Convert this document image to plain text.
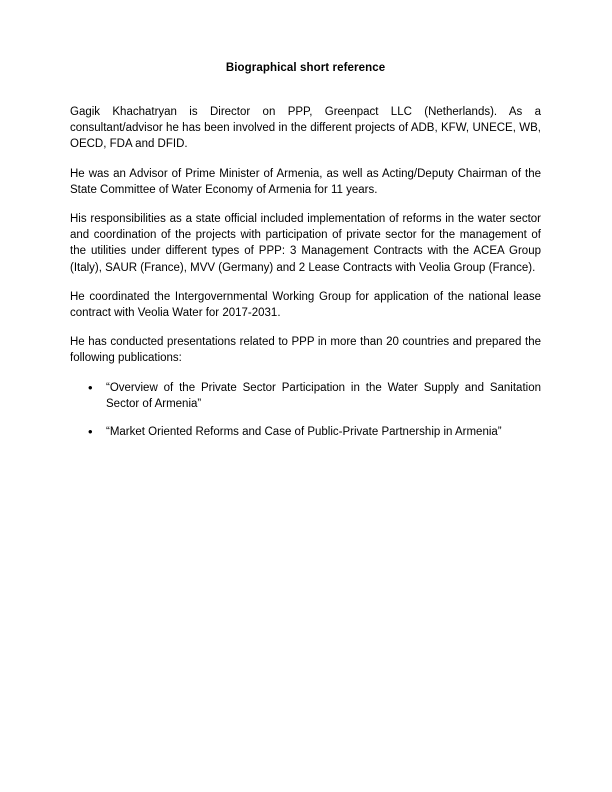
Biographical short reference

Gagik Khachatryan is Director on PPP, Greenpact LLC (Netherlands). As a consultant/advisor he has been involved in the different projects of ADB, KFW, UNECE, WB, OECD, FDA and DFID.

He was an Advisor of Prime Minister of Armenia, as well as Acting/Deputy Chairman of the State Committee of Water Economy of Armenia for 11 years.

His responsibilities as a state official included implementation of reforms in the water sector and coordination of the projects with participation of private sector for the management of the utilities under different types of PPP: 3 Management Contracts with the ACEA Group (Italy), SAUR (France), MVV (Germany) and 2 Lease Contracts with Veolia Group (France).

He coordinated the Intergovernmental Working Group for application of the national lease contract with Veolia Water for 2017-2031.

He has conducted presentations related to PPP in more than 20 countries and prepared the following publications:

• “Overview of the Private Sector Participation in the Water Supply and Sanitation Sector of Armenia”
• “Market Oriented Reforms and Case of Public-Private Partnership in Armenia”
